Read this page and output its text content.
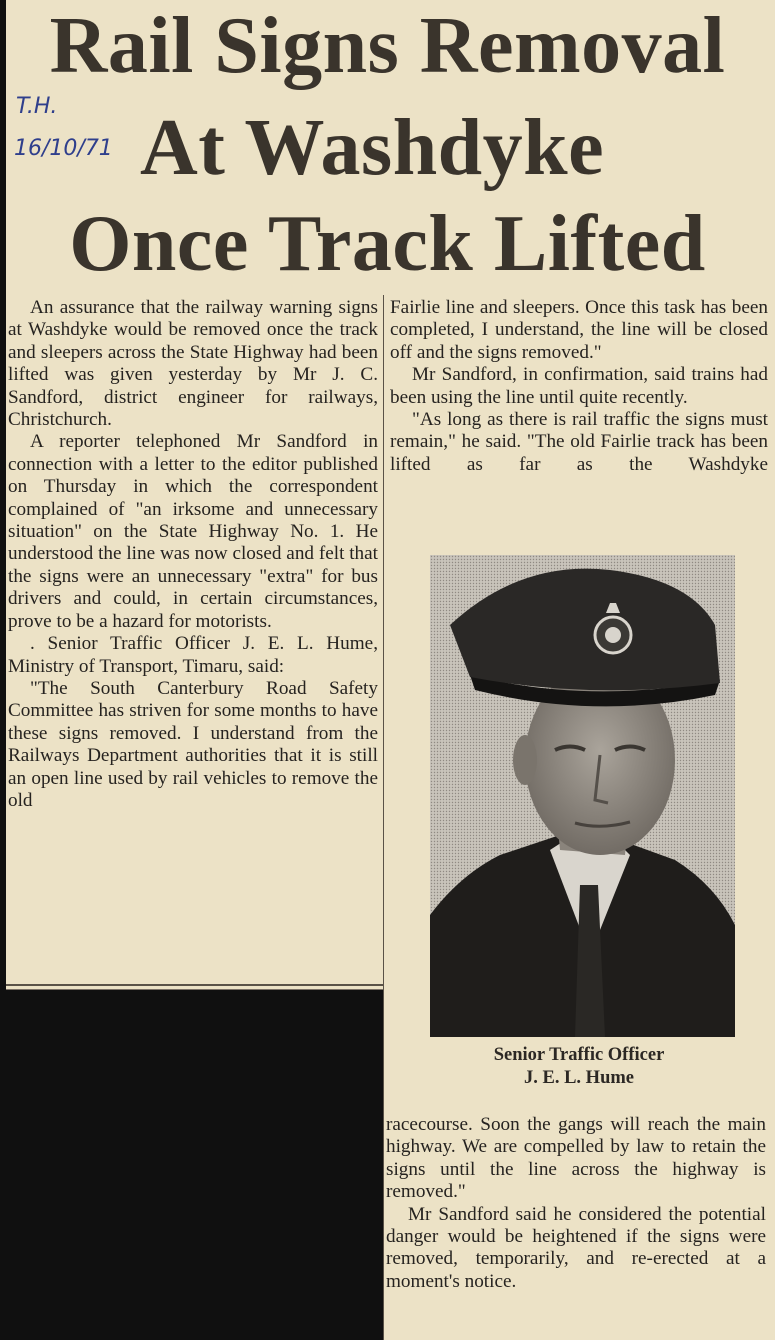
Rail Signs Removal
At Washdyke
Once Track Lifted
T.H.
16/10/71

An assurance that the railway warning signs at Washdyke would be removed once the track and sleepers across the State Highway had been lifted was given yesterday by Mr J. C. Sandford, district engineer for railways, Christchurch.

A reporter telephoned Mr Sandford in connection with a letter to the editor published on Thursday in which the correspondent complained of "an irksome and unnecessary situation" on the State Highway No. 1. He understood the line was now closed and felt that the signs were an unnecessary "extra" for bus drivers and could, in certain circumstances, prove to be a hazard for motorists.

. Senior Traffic Officer J. E. L. Hume, Ministry of Transport, Timaru, said:

"The South Canterbury Road Safety Committee has striven for some months to have these signs removed. I understand from the Railways Department authorities that it is still an open line used by rail vehicles to remove the old

Fairlie line and sleepers. Once this task has been completed, I understand, the line will be closed off and the signs removed."

Mr Sandford, in confirmation, said trains had been using the line until quite recently.

"As long as there is rail traffic the signs must remain," he said. "The old Fairlie track has been lifted as far as the Washdyke

Senior Traffic Officer
J. E. L. Hume

racecourse. Soon the gangs will reach the main highway. We are compelled by law to retain the signs until the line across the highway is removed."

Mr Sandford said he considered the potential danger would be heightened if the signs were removed, temporarily, and re-erected at a moment's notice.
